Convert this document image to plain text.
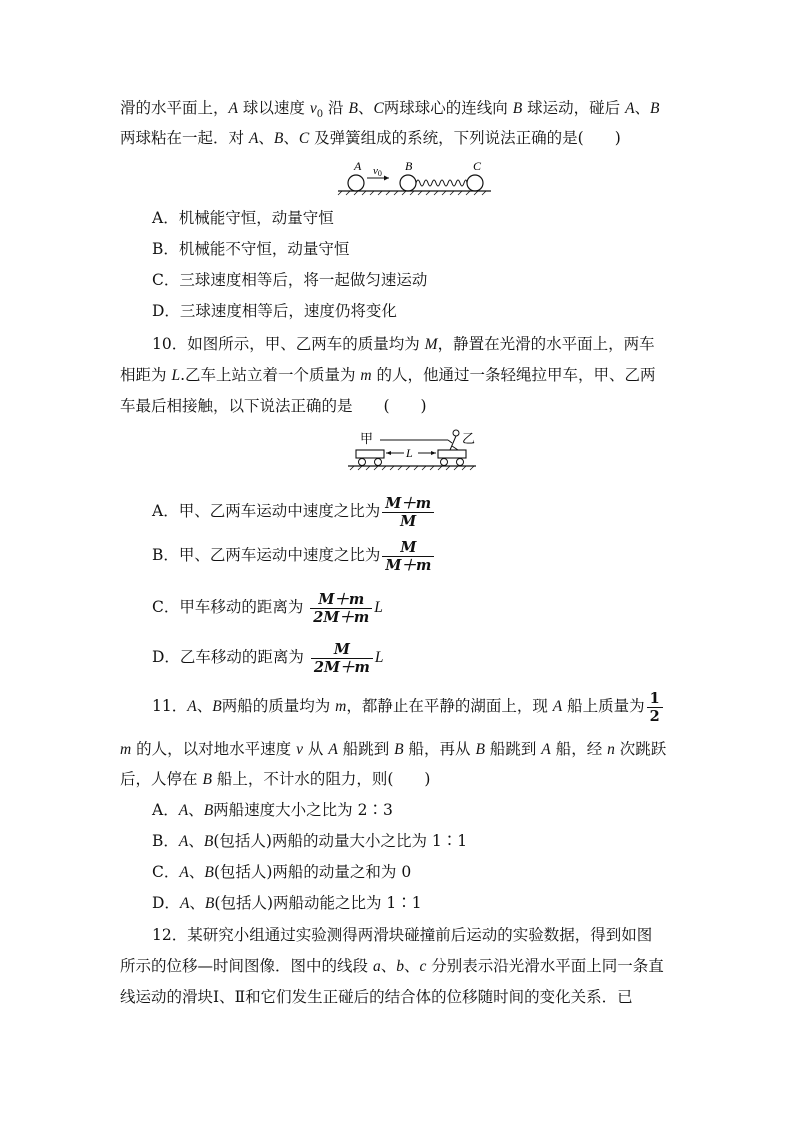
滑的水平面上，A 球以速度 $v_0$ 沿 B、C两球球心的连线向 B 球运动，碰后 A、B
两球粘在一起．对 A、B、C 及弹簧组成的系统，下列说法正确的是(　　)
A	B	C
v0
A．机械能守恒，动量守恒
B．机械能不守恒，动量守恒
C．三球速度相等后，将一起做匀速运动
D．三球速度相等后，速度仍将变化
10．如图所示，甲、乙两车的质量均为 M，静置在光滑的水平面上，两车
相距为 L.乙车上站立着一个质量为 m 的人，他通过一条轻绳拉甲车，甲、乙两
车最后相接触，以下说法正确的是　　(　　)
L
甲	乙
A．甲、乙两车运动中速度之比为 $\frac{M+m}{M}$
B．甲、乙两车运动中速度之比为 $\frac{M}{M+m}$
C．甲车移动的距离为 $\frac{M+m}{2M+m}$ L
D．乙车移动的距离为 $\frac{M}{2M+m}$ L
11．A、B两船的质量均为 m，都静止在平静的湖面上，现 A 船上质量为 $\frac{1}{2}$
m 的人，以对地水平速度 v 从 A 船跳到 B 船，再从 B 船跳到 A 船，经 n 次跳跃
后，人停在 B 船上，不计水的阻力，则(　　)
A．A、B两船速度大小之比为 2∶3
B．A、B(包括人)两船的动量大小之比为 1∶1
C．A、B(包括人)两船的动量之和为 0
D．A、B(包括人)两船动能之比为 1∶1
12．某研究小组通过实验测得两滑块碰撞前后运动的实验数据，得到如图
所示的位移—时间图像．图中的线段 a、b、c 分别表示沿光滑水平面上同一条直
线运动的滑块Ⅰ、Ⅱ和它们发生正碰后的结合体的位移随时间的变化关系．已
